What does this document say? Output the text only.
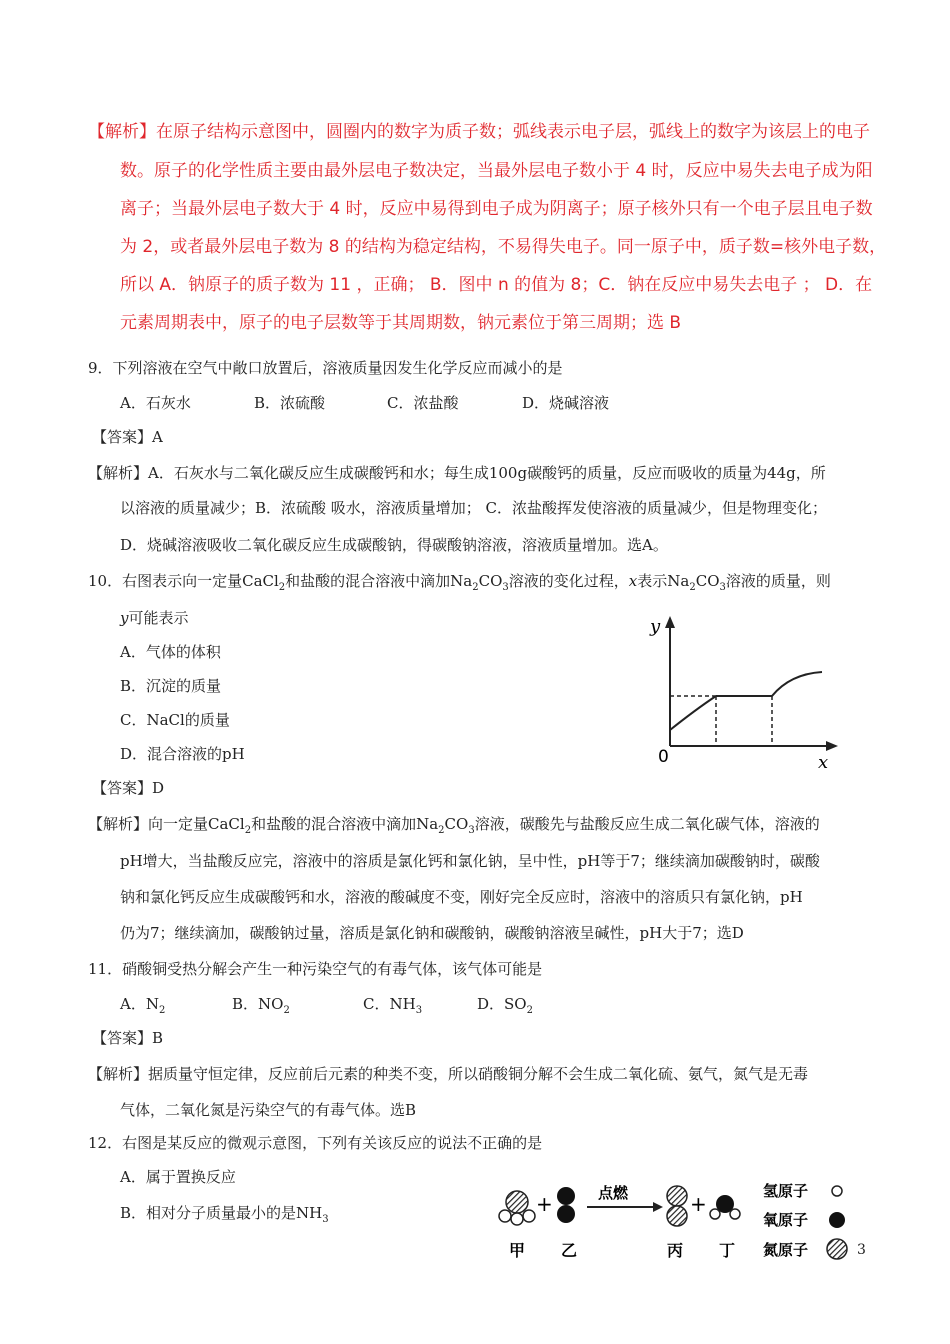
【解析】在原子结构示意图中，圆圈内的数字为质子数；弧线表示电子层，弧线上的数字为该层上的电子
数。原子的化学性质主要由最外层电子数决定，当最外层电子数小于 4 时，反应中易失去电子成为阳
离子；当最外层电子数大于 4 时，反应中易得到电子成为阴离子；原子核外只有一个电子层且电子数
为 2，或者最外层电子数为 8 的结构为稳定结构，不易得失电子。同一原子中，质子数=核外电子数，
所以 A．钠原子的质子数为 11 ，正确； B．图中 n 的值为 8；C．钠在反应中易失去电子 ； D．在
元素周期表中，原子的电子层数等于其周期数，钠元素位于第三周期；选 B
9．下列溶液在空气中敞口放置后，溶液质量因发生化学反应而减小的是
A．石灰水	B．浓硫酸	C．浓盐酸	D．烧碱溶液
【答案】A
【解析】A．石灰水与二氧化碳反应生成碳酸钙和水；每生成100g碳酸钙的质量，反应而吸收的质量为44g，所
以溶液的质量减少；B．浓硫酸 吸水，溶液质量增加； C．浓盐酸挥发使溶液的质量减少，但是物理变化；
D．烧碱溶液吸收二氧化碳反应生成碳酸钠，得碳酸钠溶液，溶液质量增加。选A。
10．右图表示向一定量CaCl$_2$和盐酸的混合溶液中滴加$Na_2CO_3$溶液的变化过程，x表示$Na_2CO_3$溶液的质量，则
y可能表示
A．气体的体积
B．沉淀的质量
C．NaCl的质量
D．混合溶液的pH
y
x
0
【答案】D
【解析】向一定量CaCl$_2$和盐酸的混合溶液中滴加$Na_2CO_3$溶液，碳酸先与盐酸反应生成二氧化碳气体，溶液的
pH增大，当盐酸反应完，溶液中的溶质是氯化钙和氯化钠，呈中性，pH等于7；继续滴加碳酸钠时，碳酸
钠和氯化钙反应生成碳酸钙和水，溶液的酸碱度不变，刚好完全反应时，溶液中的溶质只有氯化钠，pH
仍为7；继续滴加，碳酸钠过量，溶质是氯化钠和碳酸钠，碳酸钠溶液呈碱性，pH大于7；选D
11．硝酸铜受热分解会产生一种污染空气的有毒气体，该气体可能是
A．$N_2$	B．$NO_2$	C．$NH_3$	D．$SO_2$
【答案】B
【解析】据质量守恒定律，反应前后元素的种类不变，所以硝酸铜分解不会生成二氧化硫、氨气，氮气是无毒
气体，二氧化氮是污染空气的有毒气体。选B
12．右图是某反应的微观示意图，下列有关该反应的说法不正确的是
A．属于置换反应
B．相对分子质量最小的是$NH_3$
+	点燃	+
甲 乙	丙 丁
氢原子
氧原子
氮原子	3
